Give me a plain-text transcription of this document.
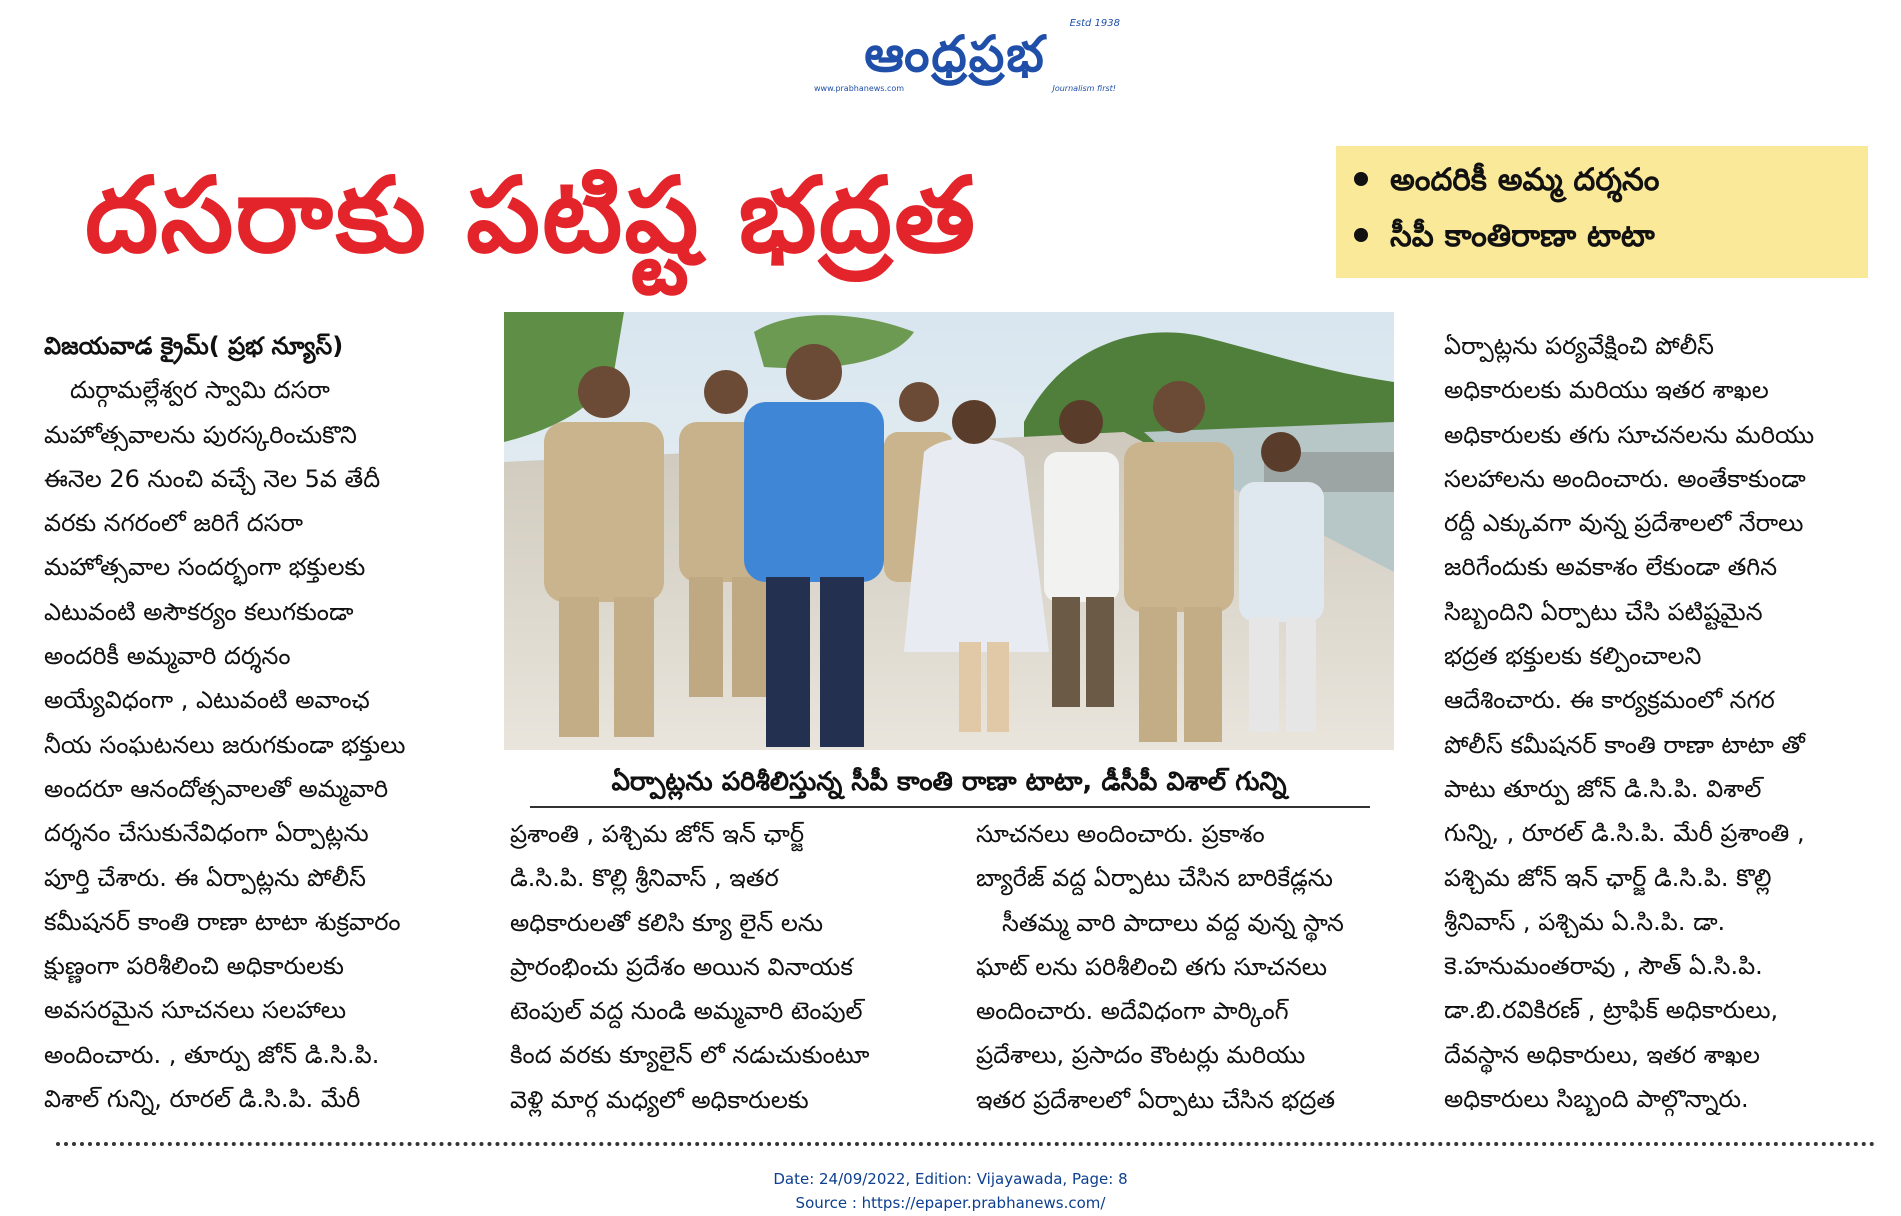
ఆంధ్రప్రభ
Estd 1938
www.prabhanews.com	Journalism first!
దసరాకు పటిష్ట భద్రత	అందరికీ అమ్మ దర్శనం
సీపీ కాంతిరాణా టాటా
విజయవాడ క్రైమ్( ప్రభ న్యూస్)
దుర్గామల్లేశ్వర స్వామి దసరా
మహోత్సవాలను పురస్కరించుకొని
ఈనెల 26 నుంచి వచ్చే నెల 5వ తేదీ
వరకు నగరంలో జరిగే దసరా
మహోత్సవాల సందర్భంగా భక్తులకు
ఎటువంటి అసౌకర్యం కలుగకుండా
అందరికీ అమ్మవారి దర్శనం
అయ్యేవిధంగా , ఎటువంటి అవాంఛ
నీయ సంఘటనలు జరుగకుండా భక్తులు
అందరూ ఆనందోత్సవాలతో అమ్మవారి
దర్శనం చేసుకునేవిధంగా ఏర్పాట్లను
పూర్తి చేశారు. ఈ ఏర్పాట్లను పోలీస్
కమీషనర్ కాంతి రాణా టాటా శుక్రవారం
క్షుణ్ణంగా పరిశీలించి అధికారులకు
అవసరమైన సూచనలు సలహాలు
అందించారు. , తూర్పు జోన్ డి.సి.పి.
విశాల్ గున్ని, రూరల్ డి.సి.పి. మేరీ
ఏర్పాట్లను పరిశీలిస్తున్న సీపీ కాంతి రాణా టాటా, డీసీపీ విశాల్ గున్ని
ప్రశాంతి , పశ్చిమ జోన్ ఇన్ ఛార్జ్
డి.సి.పి. కొల్లి శ్రీనివాస్ , ఇతర
అధికారులతో కలిసి క్యూ లైన్ లను
ప్రారంభించు ప్రదేశం అయిన వినాయక
టెంపుల్ వద్ద నుండి అమ్మవారి టెంపుల్
కింద వరకు క్యూలైన్ లో నడుచుకుంటూ
వెళ్లి మార్గ మధ్యలో అధికారులకు
సూచనలు అందించారు. ప్రకాశం
బ్యారేజ్ వద్ద ఏర్పాటు చేసిన బారికేడ్లను
సీతమ్మ వారి పాదాలు వద్ద వున్న స్థాన
ఘాట్ లను పరిశీలించి తగు సూచనలు
అందించారు. అదేవిధంగా పార్కింగ్
ప్రదేశాలు, ప్రసాదం కౌంటర్లు మరియు
ఇతర ప్రదేశాలలో ఏర్పాటు చేసిన భద్రత
ఏర్పాట్లను పర్యవేక్షించి పోలీస్
అధికారులకు మరియు ఇతర శాఖల
అధికారులకు తగు సూచనలను మరియు
సలహాలను అందించారు. అంతేకాకుండా
రద్దీ ఎక్కువగా వున్న ప్రదేశాలలో నేరాలు
జరిగేందుకు అవకాశం లేకుండా తగిన
సిబ్బందిని ఏర్పాటు చేసి పటిష్టమైన
భద్రత భక్తులకు కల్పించాలని
ఆదేశించారు. ఈ కార్యక్రమంలో నగర
పోలీస్ కమీషనర్ కాంతి రాణా టాటా తో
పాటు తూర్పు జోన్ డి.సి.పి. విశాల్
గున్ని, , రూరల్ డి.సి.పి. మేరీ ప్రశాంతి ,
పశ్చిమ జోన్ ఇన్ ఛార్జ్ డి.సి.పి. కొల్లి
శ్రీనివాస్ , పశ్చిమ ఏ.సి.పి. డా.
కె.హనుమంతరావు , సౌత్ ఏ.సి.పి.
డా.బి.రవికిరణ్ , ట్రాఫిక్ అధికారులు,
దేవస్థాన అధికారులు, ఇతర శాఖల
అధికారులు సిబ్బంది పాల్గొన్నారు.
Date: 24/09/2022, Edition: Vijayawada, Page: 8
Source : https://epaper.prabhanews.com/
